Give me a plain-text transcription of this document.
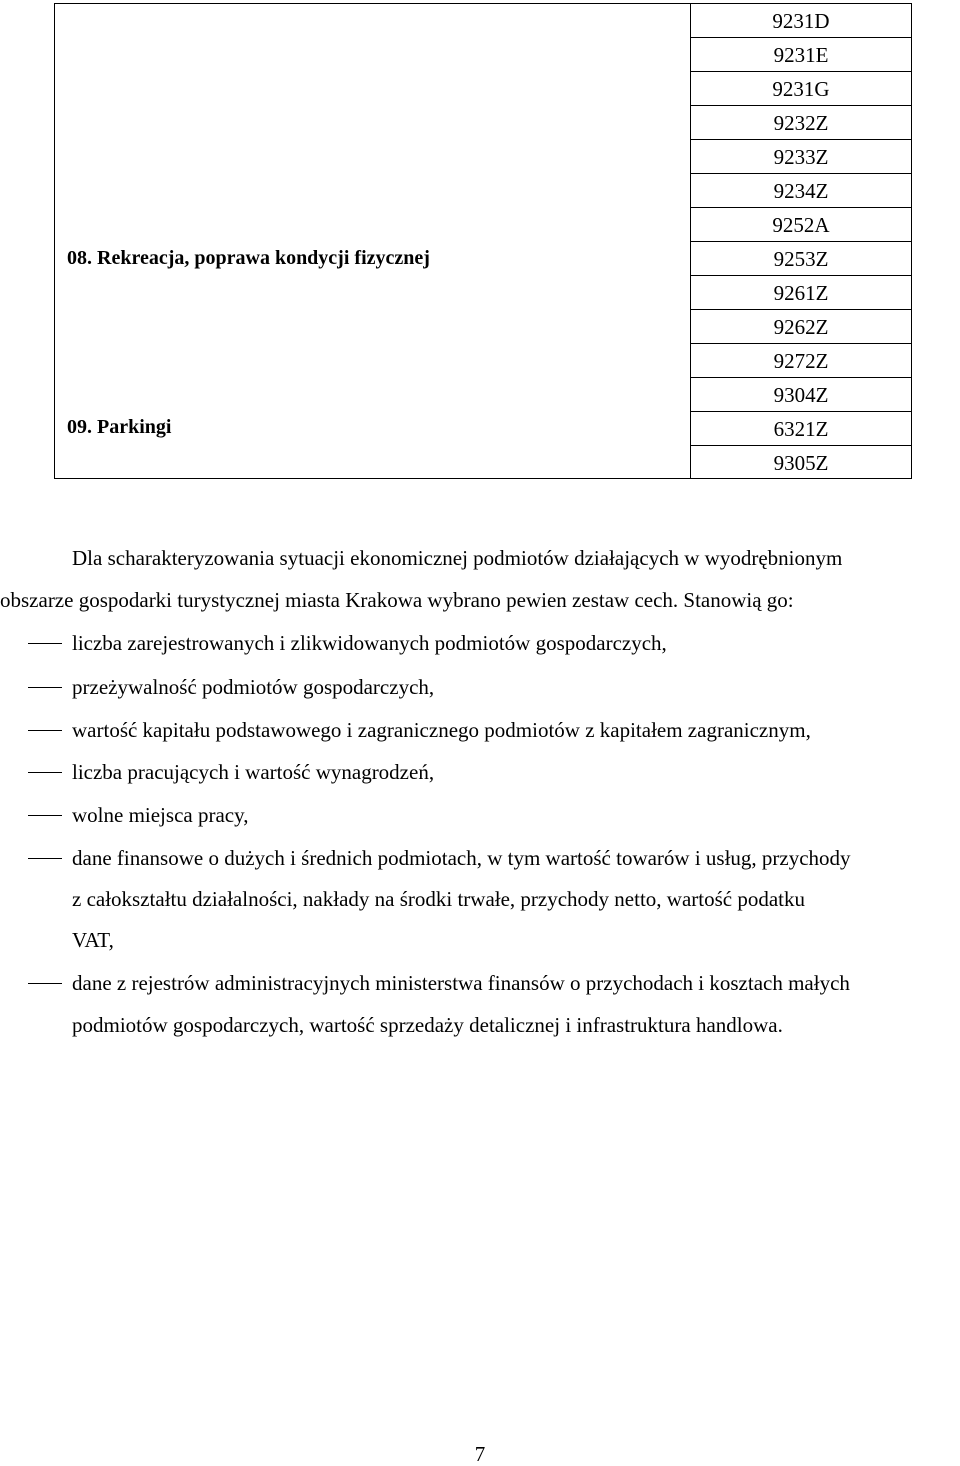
08. Rekreacja, poprawa kondycji fizycznej
09. Parkingi
9231D
9231E
9231G
9232Z
9233Z
9234Z
9252A
9253Z
9261Z
9262Z
9272Z
9304Z
6321Z
9305Z
Dla scharakteryzowania sytuacji ekonomicznej podmiotów działających w wyodrębnionym
obszarze gospodarki turystycznej miasta Krakowa wybrano pewien zestaw cech. Stanowią go:
liczba zarejestrowanych i zlikwidowanych podmiotów gospodarczych,
przeżywalność podmiotów gospodarczych,
wartość kapitału podstawowego i zagranicznego podmiotów z kapitałem zagranicznym,
liczba pracujących i wartość wynagrodzeń,
wolne miejsca pracy,
dane finansowe o dużych i średnich podmiotach, w tym wartość towarów i usług, przychody
z całokształtu działalności, nakłady na środki trwałe, przychody netto, wartość podatku
VAT,
dane z rejestrów administracyjnych ministerstwa finansów o przychodach i kosztach małych
podmiotów gospodarczych, wartość sprzedaży detalicznej i infrastruktura handlowa.
7
